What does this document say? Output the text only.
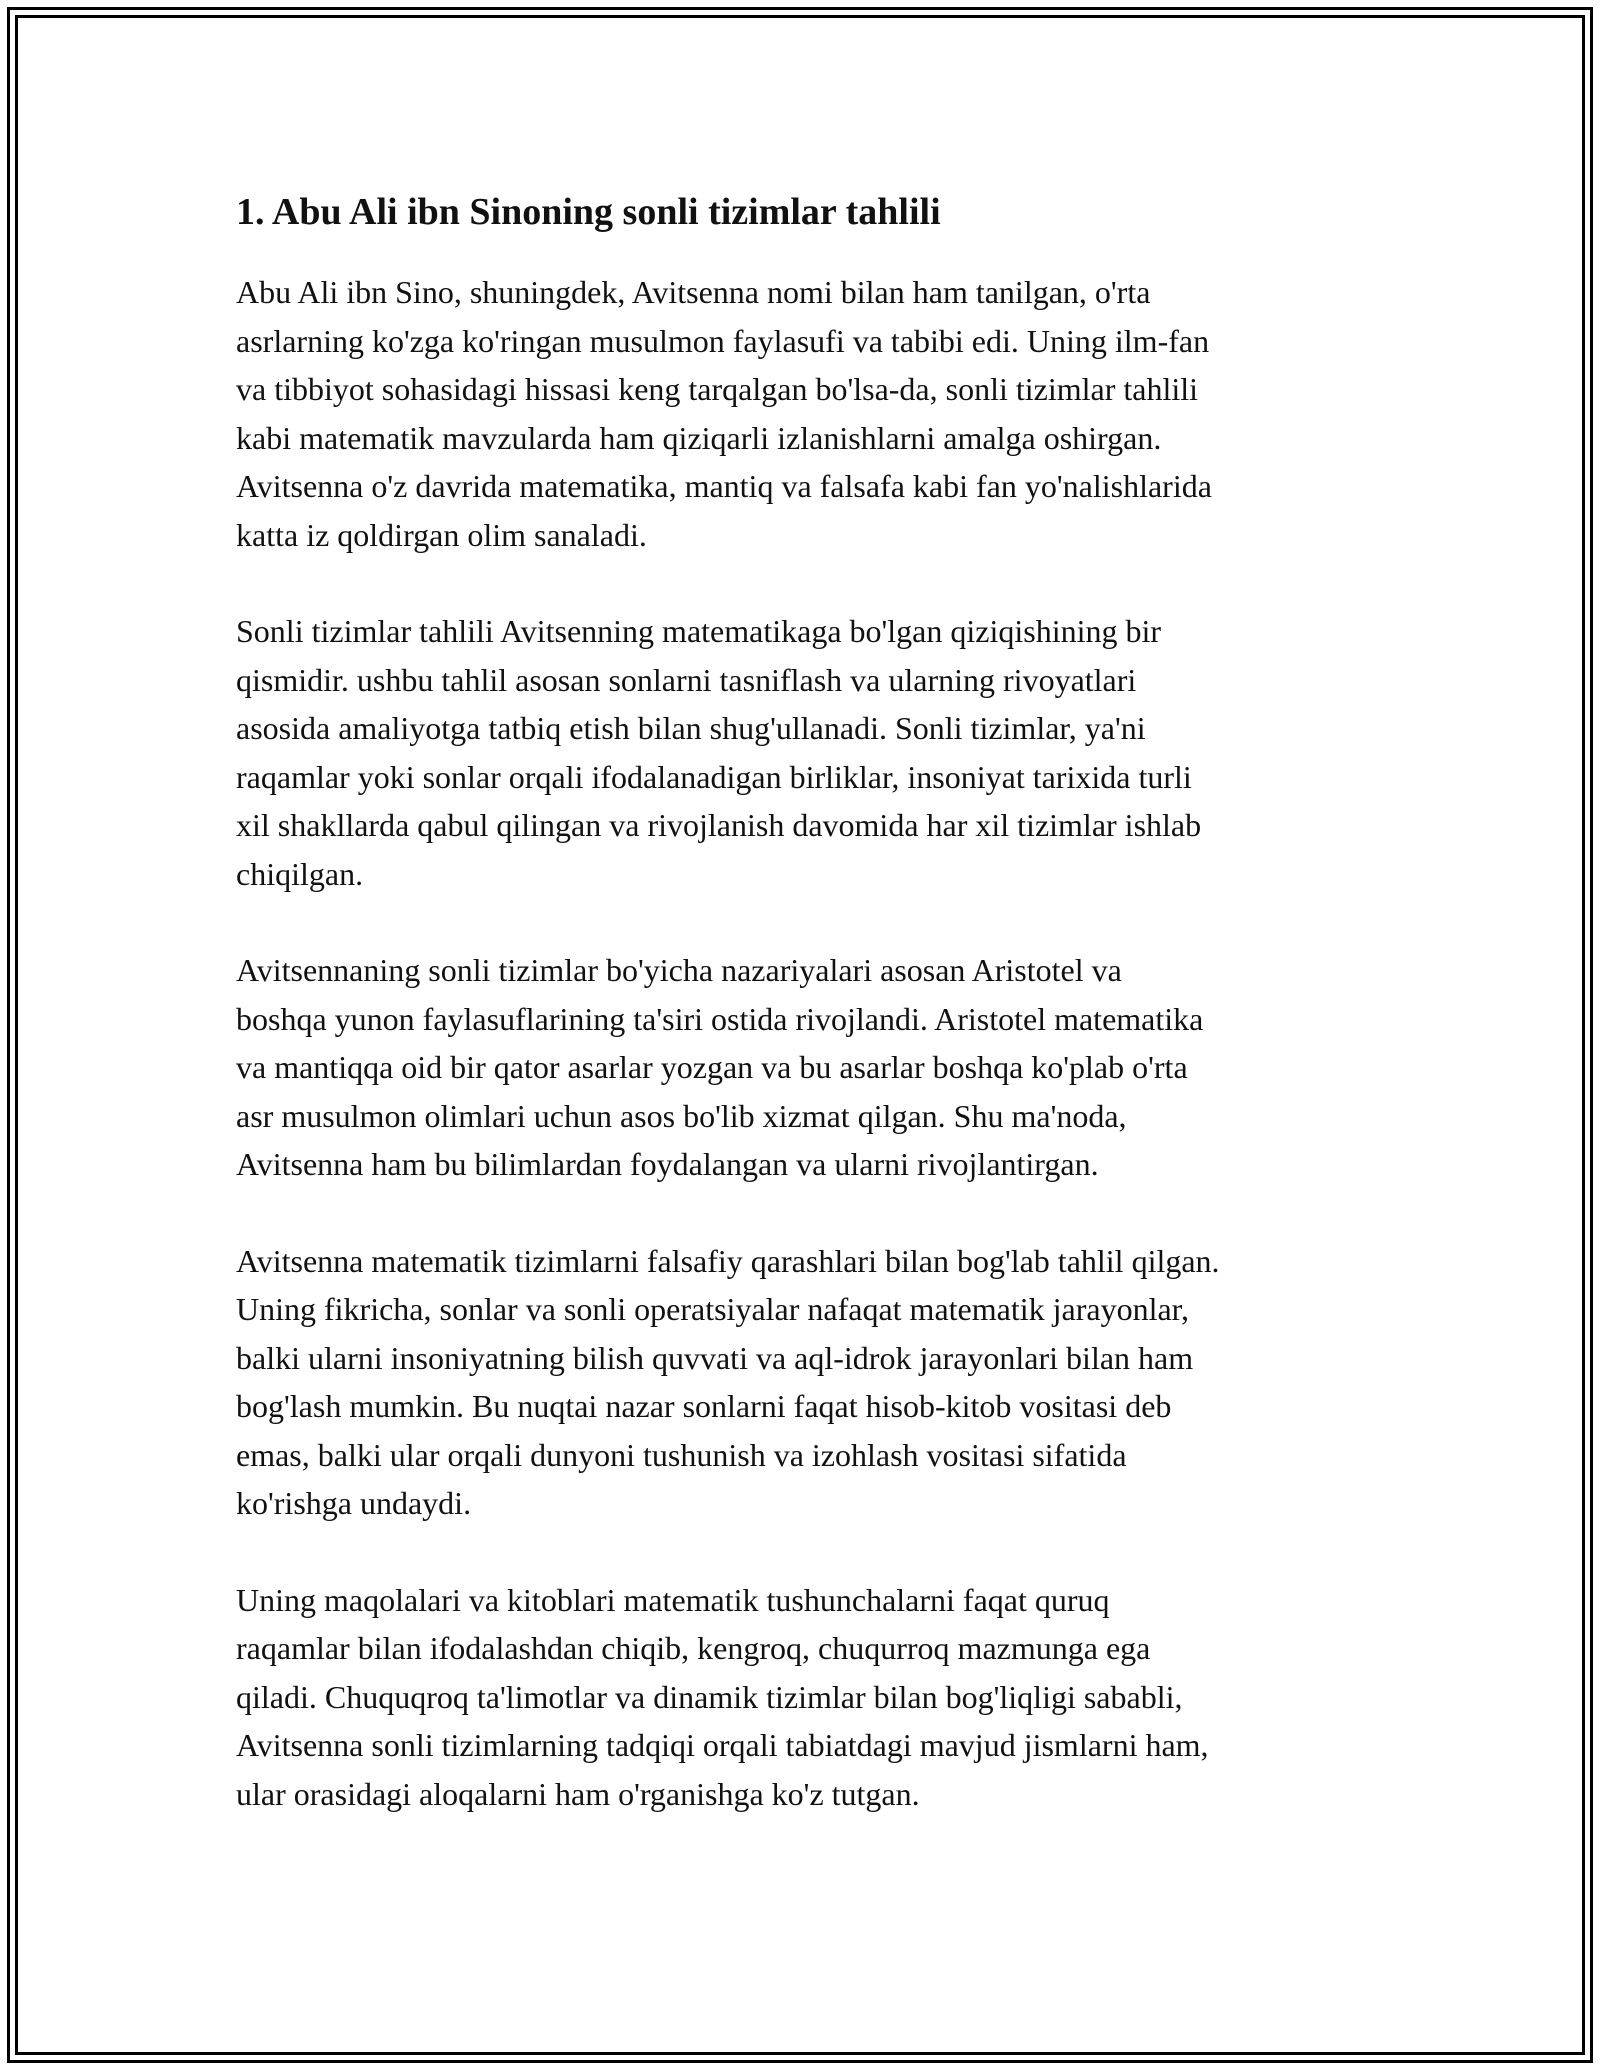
1. Abu Ali ibn Sinoning sonli tizimlar tahlili

Abu Ali ibn Sino, shuningdek, Avitsenna nomi bilan ham tanilgan, o'rta
asrlarning ko'zga ko'ringan musulmon faylasufi va tabibi edi. Uning ilm-fan
va tibbiyot sohasidagi hissasi keng tarqalgan bo'lsa-da, sonli tizimlar tahlili
kabi matematik mavzularda ham qiziqarli izlanishlarni amalga oshirgan.
Avitsenna o'z davrida matematika, mantiq va falsafa kabi fan yo'nalishlarida
katta iz qoldirgan olim sanaladi.

Sonli tizimlar tahlili Avitsenning matematikaga bo'lgan qiziqishining bir
qismidir. ushbu tahlil asosan sonlarni tasniflash va ularning rivoyatlari
asosida amaliyotga tatbiq etish bilan shug'ullanadi. Sonli tizimlar, ya'ni
raqamlar yoki sonlar orqali ifodalanadigan birliklar, insoniyat tarixida turli
xil shakllarda qabul qilingan va rivojlanish davomida har xil tizimlar ishlab
chiqilgan.

Avitsennaning sonli tizimlar bo'yicha nazariyalari asosan Aristotel va
boshqa yunon faylasuflarining ta'siri ostida rivojlandi. Aristotel matematika
va mantiqqa oid bir qator asarlar yozgan va bu asarlar boshqa ko'plab o'rta
asr musulmon olimlari uchun asos bo'lib xizmat qilgan. Shu ma'noda,
Avitsenna ham bu bilimlardan foydalangan va ularni rivojlantirgan.

Avitsenna matematik tizimlarni falsafiy qarashlari bilan bog'lab tahlil qilgan.
Uning fikricha, sonlar va sonli operatsiyalar nafaqat matematik jarayonlar,
balki ularni insoniyatning bilish quvvati va aql-idrok jarayonlari bilan ham
bog'lash mumkin. Bu nuqtai nazar sonlarni faqat hisob-kitob vositasi deb
emas, balki ular orqali dunyoni tushunish va izohlash vositasi sifatida
ko'rishga undaydi.

Uning maqolalari va kitoblari matematik tushunchalarni faqat quruq
raqamlar bilan ifodalashdan chiqib, kengroq, chuqurroq mazmunga ega
qiladi. Chuquqroq ta'limotlar va dinamik tizimlar bilan bog'liqligi sababli,
Avitsenna sonli tizimlarning tadqiqi orqali tabiatdagi mavjud jismlarni ham,
ular orasidagi aloqalarni ham o'rganishga ko'z tutgan.
